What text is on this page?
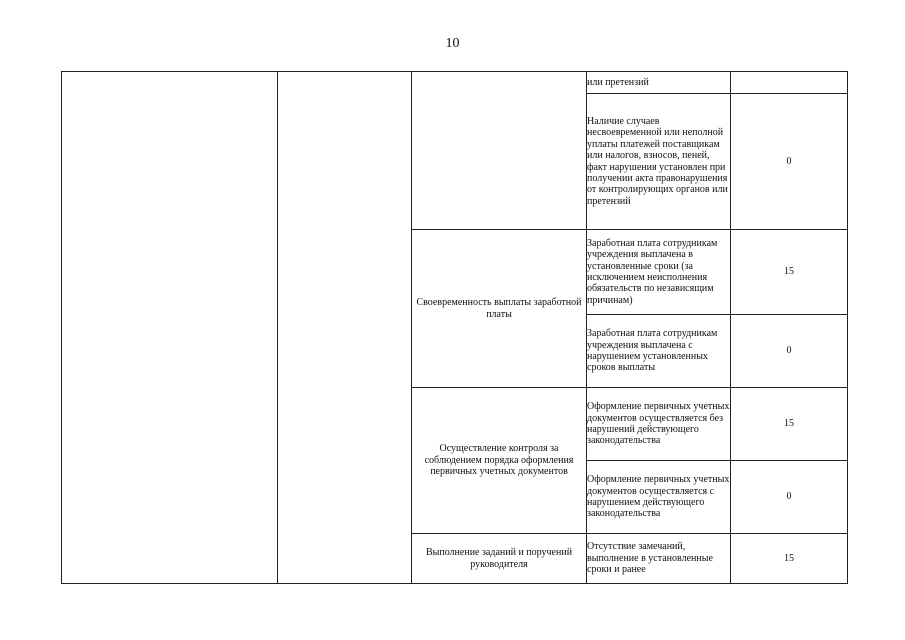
10
			или претензий	
			Наличие случаев несвоевременной или неполной уплаты платежей поставщикам или налогов, взносов, пеней, факт нарушения установлен при получении акта правонарушения от контролирующих органов или претензий	0
		Своевременность выплаты заработной платы	Заработная плата сотрудникам учреждения выплачена в установленные сроки (за исключением неисполнения обязательств по независящим причинам)	15
			Заработная плата сотрудникам учреждения выплачена с нарушением установленных сроков выплаты	0
		Осуществление контроля за соблюдением порядка оформления первичных учетных документов	Оформление первичных учетных документов осуществляется без нарушений действующего законодательства	15
			Оформление первичных учетных документов осуществляется с нарушением действующего законодательства	0
		Выполнение заданий и поручений руководителя	Отсутствие замечаний, выполнение в установленные сроки и ранее	15
